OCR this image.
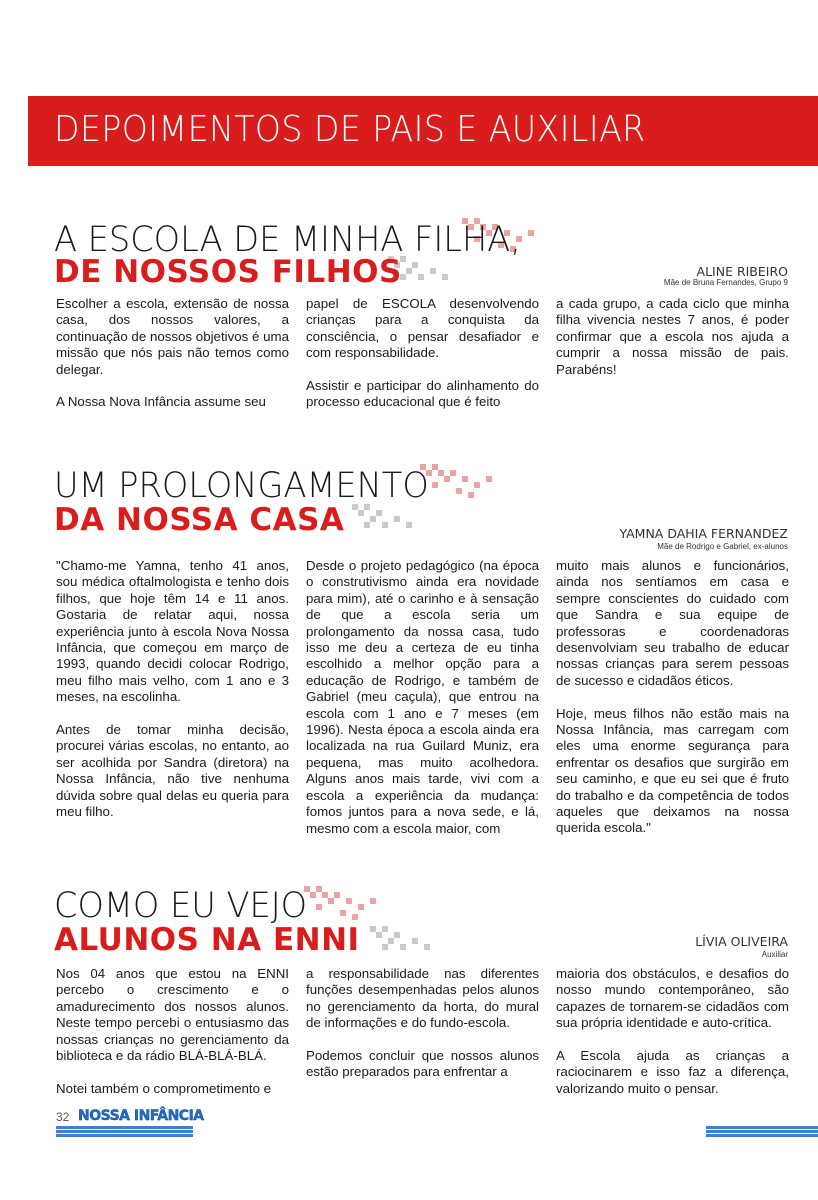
DEPOIMENTOS DE PAIS E AUXILIAR
A ESCOLA DE MINHA FILHA,
DE NOSSOS FILHOS	ALINE RIBEIRO
Mãe de Bruna Fernandes, Grupo 9

Escolher a escola, extensão de nossa casa, dos nossos valores, a continuação de nossos objetivos é uma missão que nós pais não temos como delegar.

A Nossa Nova Infância assume seu

papel de ESCOLA desenvolvendo crianças para a conquista da consciência, o pensar desafiador e com responsabilidade.

Assistir e participar do alinhamento do processo educacional que é feito

a cada grupo, a cada ciclo que minha filha vivencia nestes 7 anos, é poder confirmar que a escola nos ajuda a cumprir a nossa missão de pais. Parabéns!

UM PROLONGAMENTO
DA NOSSA CASA	YAMNA DAHIA FERNANDEZ
Mãe de Rodrigo e Gabriel, ex-alunos

"Chamo-me Yamna, tenho 41 anos, sou médica oftalmologista e tenho dois filhos, que hoje têm 14 e 11 anos. Gostaria de relatar aqui, nossa experiência junto à escola Nova Nossa Infância, que começou em março de 1993, quando decidi colocar Rodrigo, meu filho mais velho, com 1 ano e 3 meses, na escolinha.

Antes de tomar minha decisão, procurei várias escolas, no entanto, ao ser acolhida por Sandra (diretora) na Nossa Infância, não tive nenhuma dúvida sobre qual delas eu queria para meu filho.

Desde o projeto pedagógico (na época o construtivismo ainda era novidade para mim), até o carinho e à sensação de que a escola seria um prolongamento da nossa casa, tudo isso me deu a certeza de eu tinha escolhido a melhor opção para a educação de Rodrigo, e também de Gabriel (meu caçula), que entrou na escola com 1 ano e 7 meses (em 1996). Nesta época a escola ainda era localizada na rua Guilard Muniz, era pequena, mas muito acolhedora. Alguns anos mais tarde, vivi com a escola a experiência da mudança: fomos juntos para a nova sede, e lá, mesmo com a escola maior, com

muito mais alunos e funcionários, ainda nos sentíamos em casa e sempre conscientes do cuidado com que Sandra e sua equipe de professoras e coordenadoras desenvolviam seu trabalho de educar nossas crianças para serem pessoas de sucesso e cidadãos éticos.

Hoje, meus filhos não estão mais na Nossa Infância, mas carregam com eles uma enorme segurança para enfrentar os desafios que surgirão em seu caminho, e que eu sei que é fruto do trabalho e da competência de todos aqueles que deixamos na nossa querida escola."

COMO EU VEJO
ALUNOS NA ENNI	LÍVIA OLIVEIRA
Auxiliar

Nos 04 anos que estou na ENNI percebo o crescimento e o amadurecimento dos nossos alunos. Neste tempo percebi o entusiasmo das nossas crianças no gerenciamento da biblioteca e da rádio BLÁ-BLÁ-BLÁ.

Notei também o comprometimento e

a responsabilidade nas diferentes funções desempenhadas pelos alunos no gerenciamento da horta, do mural de informações e do fundo-escola.

Podemos concluir que nossos alunos estão preparados para enfrentar a

maioria dos obstáculos, e desafios do nosso mundo contemporâneo, são capazes de tornarem-se cidadãos com sua própria identidade e auto-crítica.

A Escola ajuda as crianças a raciocinarem e isso faz a diferença, valorizando muito o pensar.

32 NOSSA INFÂNCIA
